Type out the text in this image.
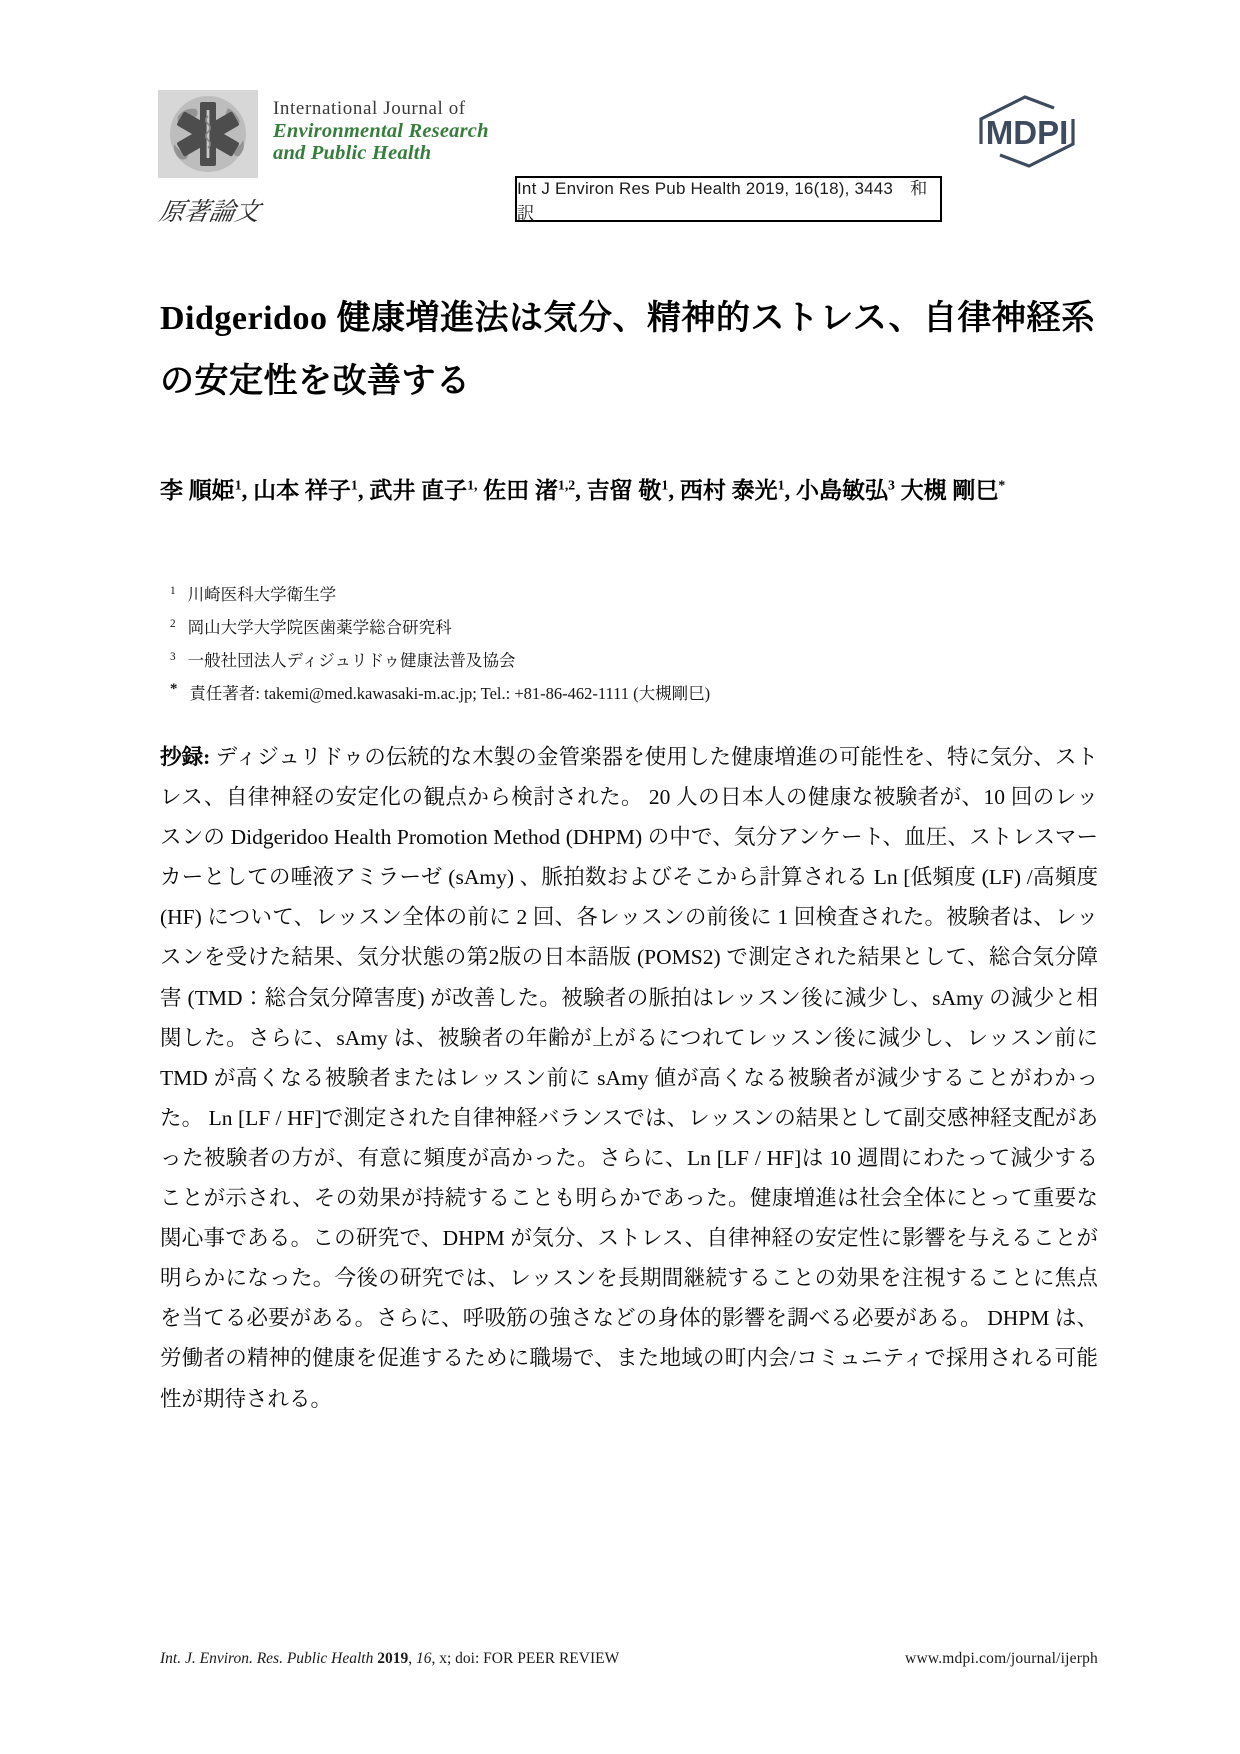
International Journal of
Environmental Research
and Public Health
MDPI
Int J Environ Res Pub Health 2019, 16(18), 3443　和訳
原著論文
Didgeridoo 健康増進法は気分、精神的ストレス、自律神経系の安定性を改善する

李 順姫$^1$, 山本 祥子$^1$, 武井 直子$^{1,}$ 佐田 渚$^{1,2}$, 吉留 敬$^1$, 西村 泰光$^1$, 小島敏弘$^3$ 大槻 剛巳*

$^1$ 川崎医科大学衛生学
$^2$ 岡山大学大学院医歯薬学総合研究科
$^3$ 一般社団法人ディジュリドゥ健康法普及協会
* 責任著者: takemi@med.kawasaki-m.ac.jp; Tel.: +81-86-462-1111 (大槻剛巳)

抄録: ディジュリドゥの伝統的な木製の金管楽器を使用した健康増進の可能性を、特に気分、ストレス、自律神経の安定化の観点から検討された。 20 人の日本人の健康な被験者が、10 回のレッスンの Didgeridoo Health Promotion Method (DHPM) の中で、気分アンケート、血圧、ストレスマーカーとしての唾液アミラーゼ (sAmy) 、脈拍数およびそこから計算される Ln [低頻度 (LF) /高頻度 (HF) について、レッスン全体の前に 2 回、各レッスンの前後に 1 回検査された。被験者は、レッスンを受けた結果、気分状態の第2版の日本語版 (POMS2) で測定された結果として、総合気分障害 (TMD：総合気分障害度) が改善した。被験者の脈拍はレッスン後に減少し、sAmy の減少と相関した。さらに、sAmy は、被験者の年齢が上がるにつれてレッスン後に減少し、レッスン前に TMD が高くなる被験者またはレッスン前に sAmy 値が高くなる被験者が減少することがわかった。 Ln [LF / HF]で測定された自律神経バランスでは、レッスンの結果として副交感神経支配があった被験者の方が、有意に頻度が高かった。さらに、Ln [LF / HF]は 10 週間にわたって減少することが示され、その効果が持続することも明らかであった。健康増進は社会全体にとって重要な関心事である。この研究で、DHPM が気分、ストレス、自律神経の安定性に影響を与えることが明らかになった。今後の研究では、レッスンを長期間継続することの効果を注視することに焦点を当てる必要がある。さらに、呼吸筋の強さなどの身体的影響を調べる必要がある。 DHPM は、労働者の精神的健康を促進するために職場で、また地域の町内会/コミュニティで採用される可能性が期待される。

Int. J. Environ. Res. Public Health 2019, 16, x; doi: FOR PEER REVIEW	www.mdpi.com/journal/ijerph
